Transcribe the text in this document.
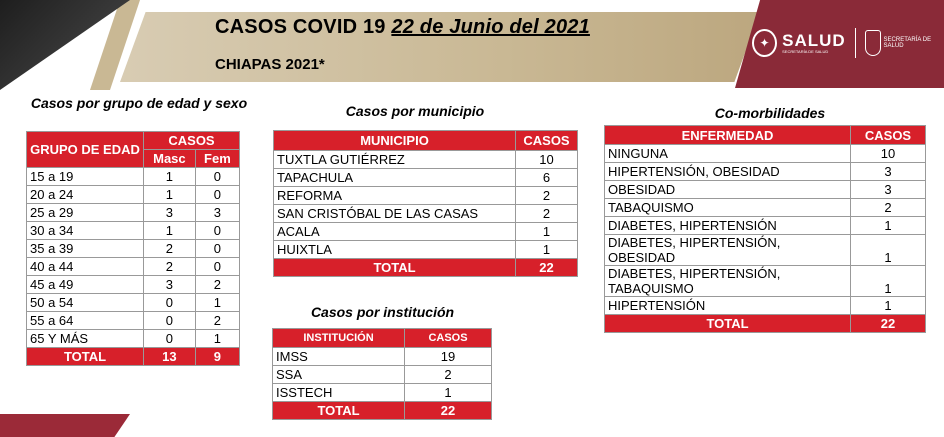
CASOS COVID 19 22 de Junio del 2021
CHIAPAS 2021*
✦ SALUD
SECRETARÍA DE SALUD
SECRETARÍA DE SALUD
Casos por grupo de edad y sexo
GRUPO DE EDAD	CASOS	
	Masc	Fem
15 a 19	1	0
20 a 24	1	0
25 a 29	3	3
30 a 34	1	0
35 a 39	2	0
40 a 44	2	0
45 a 49	3	2
50 a 54	0	1
55 a 64	0	2
65 Y MÁS	0	1
TOTAL	13	9
Casos por municipio
MUNICIPIO	CASOS
TUXTLA GUTIÉRREZ	10
TAPACHULA	6
REFORMA	2
SAN CRISTÓBAL DE LAS CASAS	2
ACALA	1
HUIXTLA	1
TOTAL	22
Casos por institución
INSTITUCIÓN	CASOS
IMSS	19
SSA	2
ISSTECH	1
TOTAL	22
Co-morbilidades
ENFERMEDAD	CASOS

NINGUNA	10

HIPERTENSIÓN, OBESIDAD	3

OBESIDAD	3

TABAQUISMO	2

DIABETES, HIPERTENSIÓN	1

DIABETES, HIPERTENSIÓN,
OBESIDAD	1

DIABETES, HIPERTENSIÓN,
TABAQUISMO	1

HIPERTENSIÓN	1
TOTAL	22
